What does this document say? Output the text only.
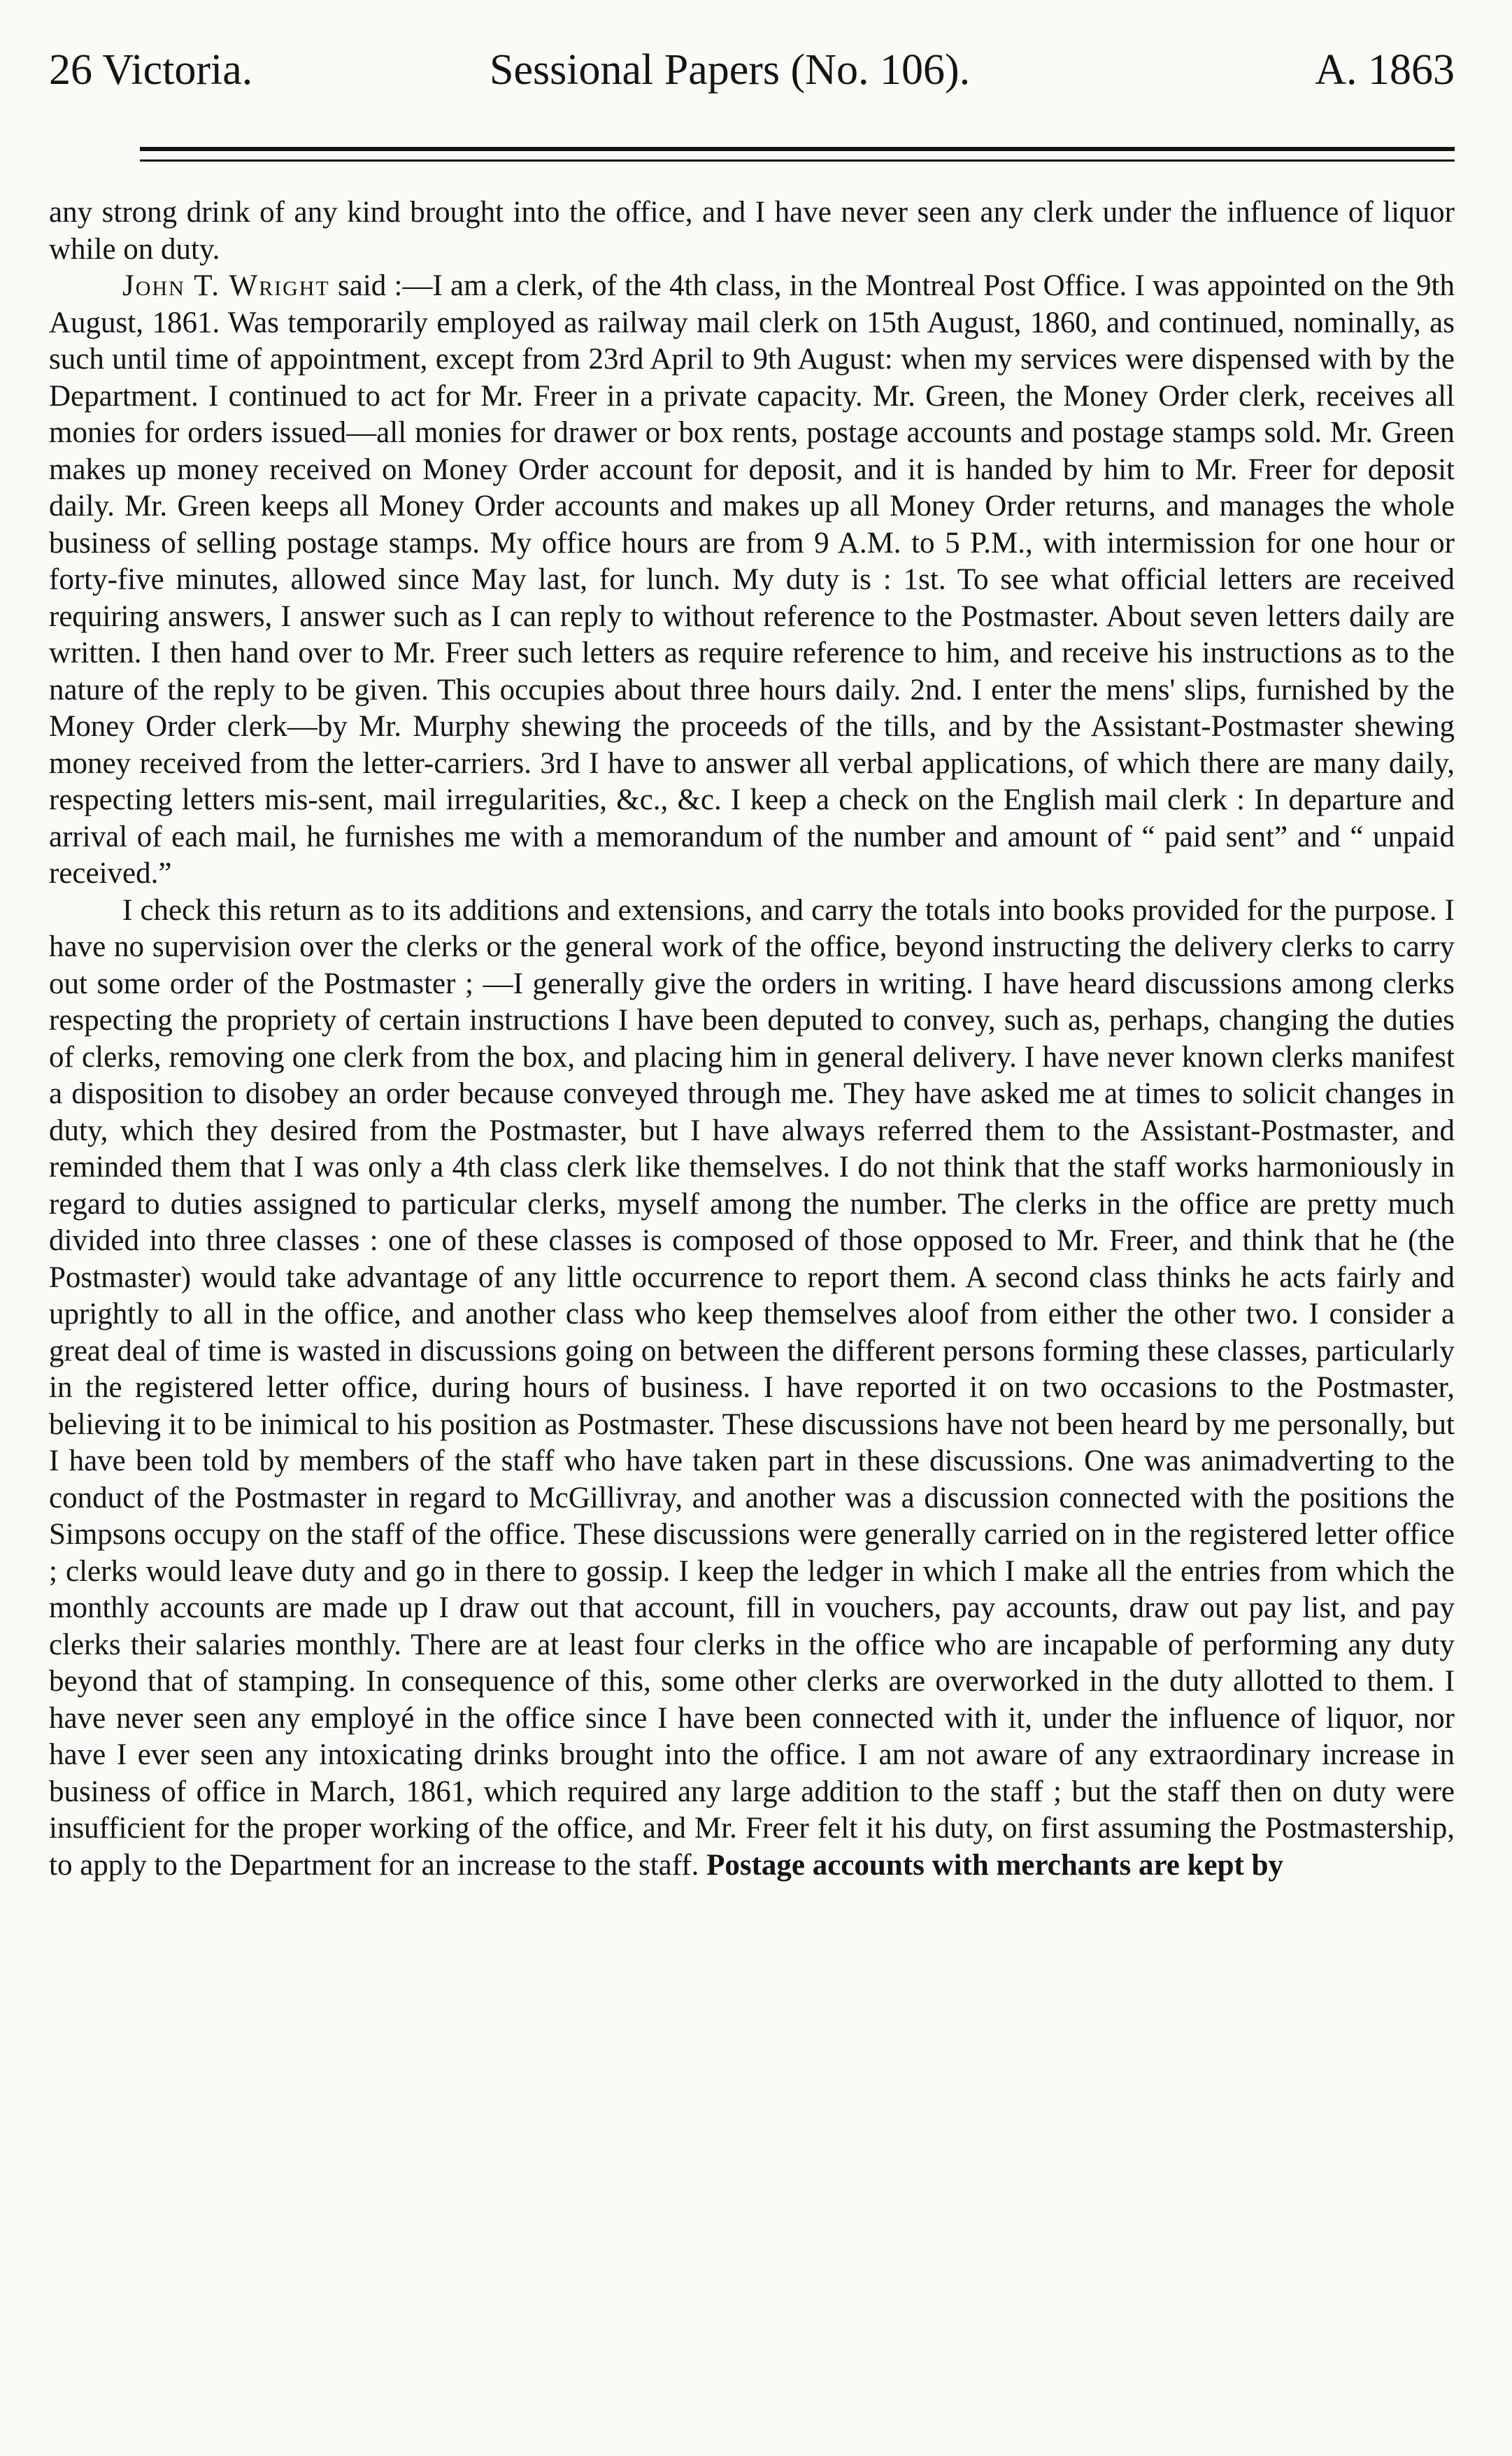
26 Victoria.	Sessional Papers (No. 106).	A. 1863

any strong drink of any kind brought into the office, and I have never seen any clerk under the influence of liquor while on duty.

John T. Wright said :—I am a clerk, of the 4th class, in the Montreal Post Office. I was appointed on the 9th August, 1861. Was temporarily employed as railway mail clerk on 15th August, 1860, and continued, nominally, as such until time of appointment, except from 23rd April to 9th August: when my services were dispensed with by the Department. I continued to act for Mr. Freer in a private capacity. Mr. Green, the Money Order clerk, receives all monies for orders issued—all monies for drawer or box rents, postage accounts and postage stamps sold. Mr. Green makes up money received on Money Order account for deposit, and it is handed by him to Mr. Freer for deposit daily. Mr. Green keeps all Money Order accounts and makes up all Money Order returns, and manages the whole business of selling postage stamps. My office hours are from 9 A.M. to 5 P.M., with intermission for one hour or forty-five minutes, allowed since May last, for lunch. My duty is : 1st. To see what official letters are received requiring answers, I answer such as I can reply to without reference to the Postmaster. About seven letters daily are written. I then hand over to Mr. Freer such letters as require reference to him, and receive his instructions as to the nature of the reply to be given. This occupies about three hours daily. 2nd. I enter the mens' slips, furnished by the Money Order clerk—by Mr. Murphy shewing the proceeds of the tills, and by the Assistant-Postmaster shewing money received from the letter-carriers. 3rd I have to answer all verbal applications, of which there are many daily, respecting letters mis-sent, mail irregularities, &c., &c. I keep a check on the English mail clerk : In departure and arrival of each mail, he furnishes me with a memorandum of the number and amount of “ paid sent” and “ unpaid received.”

I check this return as to its additions and extensions, and carry the totals into books provided for the purpose. I have no supervision over the clerks or the general work of the office, beyond instructing the delivery clerks to carry out some order of the Postmaster ; —I generally give the orders in writing. I have heard discussions among clerks respecting the propriety of certain instructions I have been deputed to convey, such as, perhaps, changing the duties of clerks, removing one clerk from the box, and placing him in general delivery. I have never known clerks manifest a disposition to disobey an order because conveyed through me. They have asked me at times to solicit changes in duty, which they desired from the Postmaster, but I have always referred them to the Assistant-Postmaster, and reminded them that I was only a 4th class clerk like themselves. I do not think that the staff works harmoniously in regard to duties assigned to particular clerks, myself among the number. The clerks in the office are pretty much divided into three classes : one of these classes is composed of those opposed to Mr. Freer, and think that he (the Postmaster) would take advantage of any little occurrence to report them. A second class thinks he acts fairly and uprightly to all in the office, and another class who keep themselves aloof from either the other two. I consider a great deal of time is wasted in discussions going on between the different persons forming these classes, particularly in the registered letter office, during hours of business. I have reported it on two occasions to the Postmaster, believing it to be inimical to his position as Postmaster. These discussions have not been heard by me personally, but I have been told by members of the staff who have taken part in these discussions. One was animadverting to the conduct of the Postmaster in regard to McGillivray, and another was a discussion connected with the positions the Simpsons occupy on the staff of the office. These discussions were generally carried on in the registered letter office ; clerks would leave duty and go in there to gossip. I keep the ledger in which I make all the entries from which the monthly accounts are made up I draw out that account, fill in vouchers, pay accounts, draw out pay list, and pay clerks their salaries monthly. There are at least four clerks in the office who are incapable of performing any duty beyond that of stamping. In consequence of this, some other clerks are overworked in the duty allotted to them. I have never seen any employé in the office since I have been connected with it, under the influence of liquor, nor have I ever seen any intoxicating drinks brought into the office. I am not aware of any extraordinary increase in business of office in March, 1861, which required any large addition to the staff ; but the staff then on duty were insufficient for the proper working of the office, and Mr. Freer felt it his duty, on first assuming the Postmastership, to apply to the Department for an increase to the staff. Postage accounts with merchants are kept by
